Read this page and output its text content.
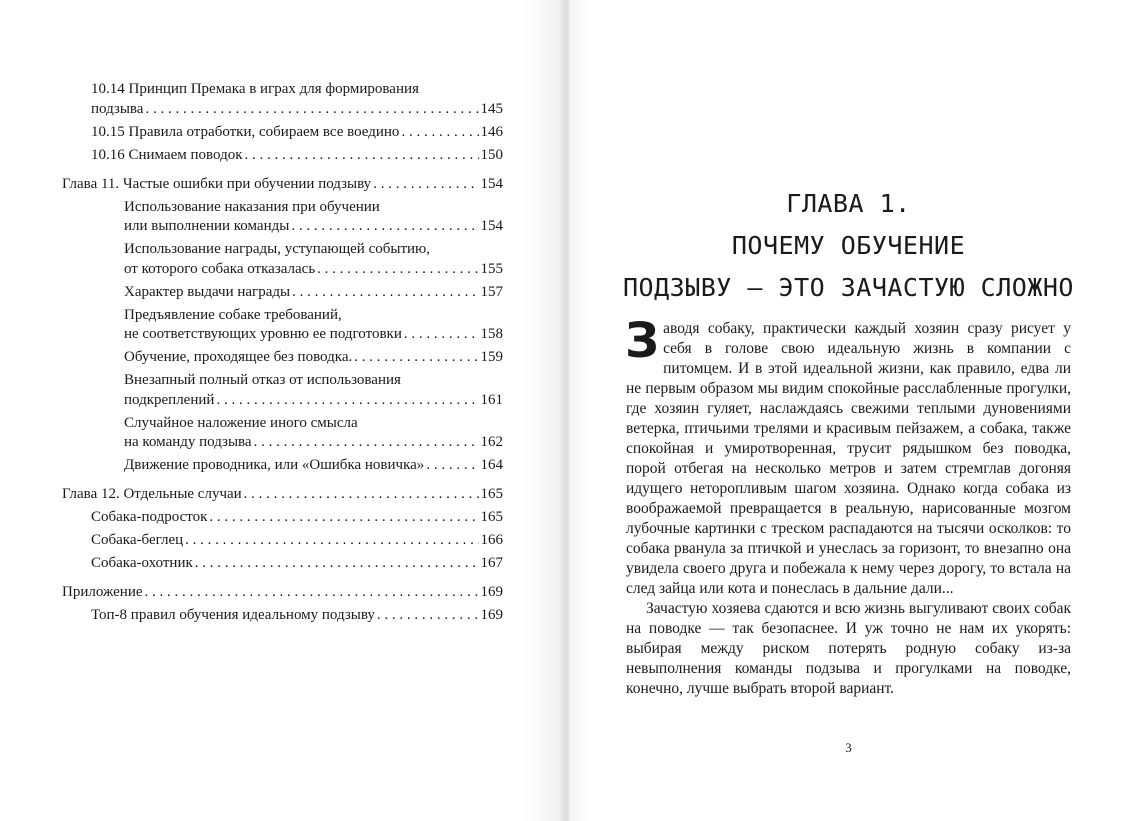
10.14 Принцип Премака в играх для формирования
подзыва . . .	145
10.15 Правила отработки, собираем все воедино . . .	146
10.16 Снимаем поводок . . .	150
Глава 11. Частые ошибки при обучении подзыву . . .	154
Использование наказания при обучении
или выполнении команды . . .	154
Использование награды, уступающей событию,
от которого собака отказалась . . .	155
Характер выдачи награды . . .	157
Предъявление собаке требований,
не соответствующих уровню ее подготовки . . .	158
Обучение, проходящее без поводка. . . .	159
Внезапный полный отказ от использования
подкреплений . . .	161
Случайное наложение иного смысла
на команду подзыва . . .	162
Движение проводника, или «Ошибка новичка» . . .	164
Глава 12. Отдельные случаи . . .	165
Собака-подросток . . .	165
Собака-беглец . . .	166
Собака-охотник . . .	167
Приложение . . .	169
Топ-8 правил обучения идеальному подзыву . . .	169
ГЛАВА 1.
ПОЧЕМУ ОБУЧЕНИЕ
ПОДЗЫВУ — ЭТО ЗАЧАСТУЮ СЛОЖНО

Заводя собаку, практически каждый хозяин сразу рисует у себя в голове свою идеальную жизнь в компании с питомцем. И в этой идеальной жизни, как правило, едва ли не первым образом мы видим спокойные расслабленные прогулки, где хозяин гуляет, наслаждаясь свежими теплыми дуновениями ветерка, птичьими трелями и красивым пейзажем, а собака, также спокойная и умиротворенная, трусит рядышком без поводка, порой отбегая на несколько метров и затем стремглав догоняя идущего неторопливым шагом хозяина. Однако когда собака из воображаемой превращается в реальную, нарисованные мозгом лубочные картинки с треском распадаются на тысячи осколков: то собака рванула за птичкой и унеслась за горизонт, то внезапно она увидела своего друга и побежала к нему через дорогу, то встала на след зайца или кота и понеслась в дальние дали...

Зачастую хозяева сдаются и всю жизнь выгуливают своих собак на поводке — так безопаснее. И уж точно не нам их укорять: выбирая между риском потерять родную собаку из-за невыполнения команды подзыва и прогулками на поводке, конечно, лучше выбрать второй вариант.

3
